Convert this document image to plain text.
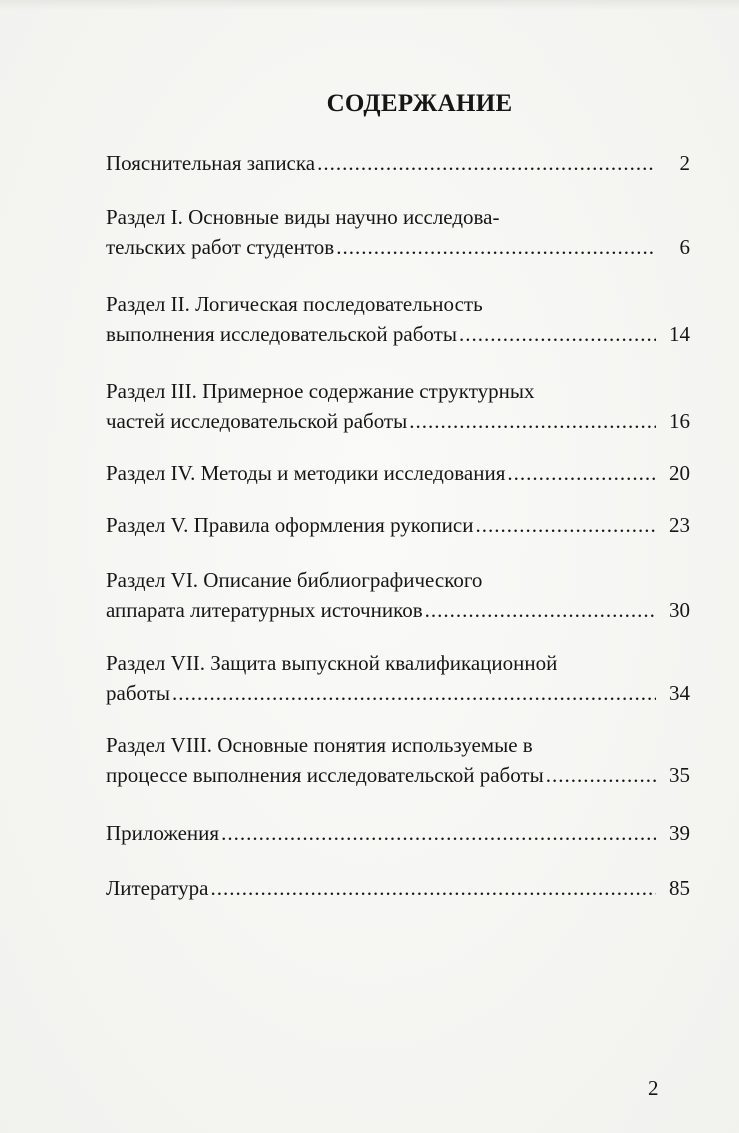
СОДЕРЖАНИЕ
Пояснительная записка .....	2
Раздел I. Основные виды научно исследова-
тельских работ студентов .....	6
Раздел II. Логическая последовательность
выполнения исследовательской работы .....	14
Раздел III. Примерное содержание структурных
частей исследовательской работы .....	16
Раздел IV. Методы и методики исследования .....	20
Раздел V. Правила оформления рукописи .....	23
Раздел VI. Описание библиографического
аппарата литературных источников .....	30
Раздел VII. Защита выпускной квалификационной
работы .....	34
Раздел VIII. Основные понятия используемые в
процессе выполнения исследовательской работы .....	35
Приложения .....	39
Литература .....	85
2
